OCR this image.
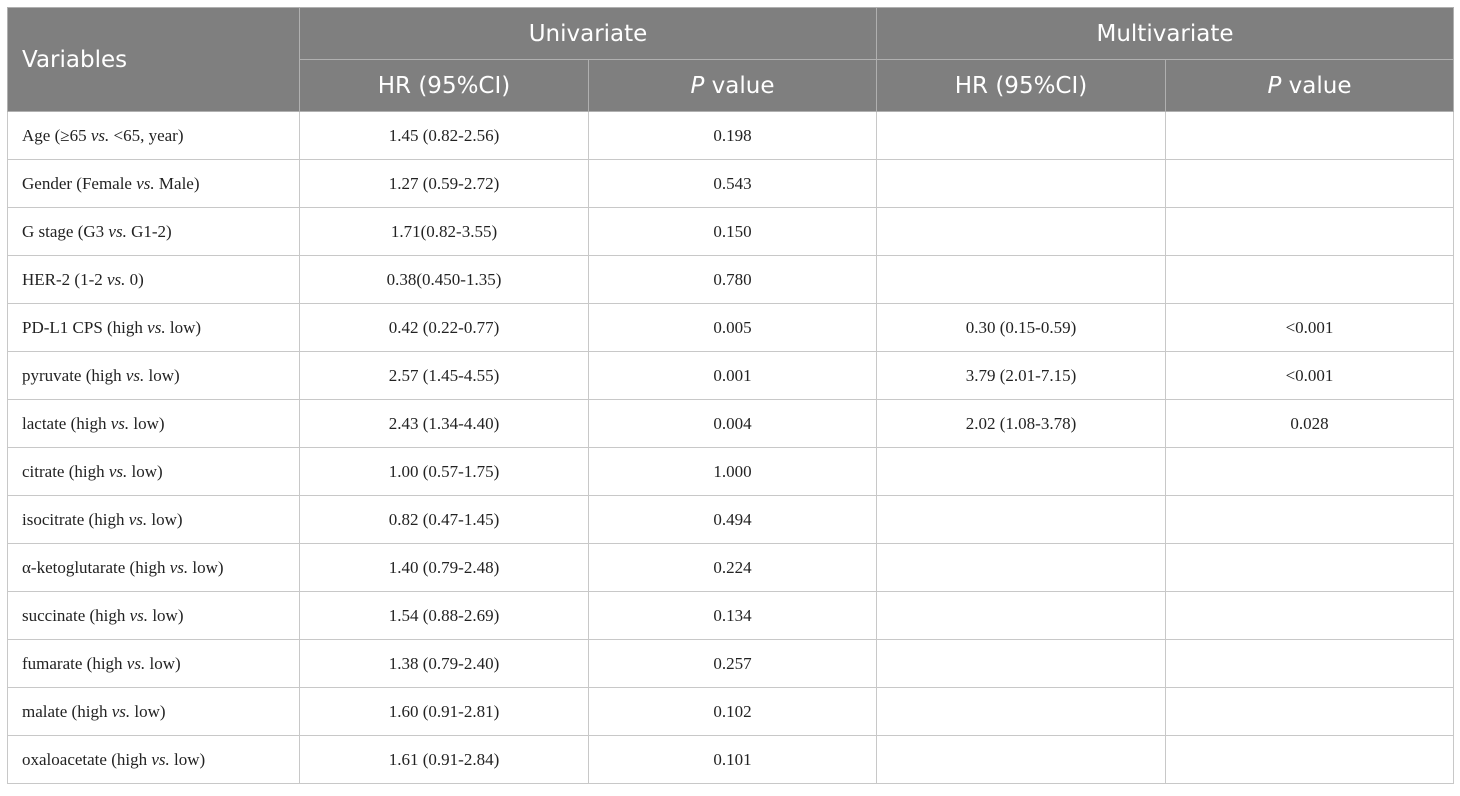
Variables	Univariate		Multivariate	
	HR (95%CI)	P value	HR (95%CI)	P value
Age (≥65 vs. <65, year)	1.45 (0.82-2.56)	0.198		
Gender (Female vs. Male)	1.27 (0.59-2.72)	0.543		
G stage (G3 vs. G1-2)	1.71(0.82-3.55)	0.150		
HER-2 (1-2 vs. 0)	0.38(0.450-1.35)	0.780		
PD-L1 CPS (high vs. low)	0.42 (0.22-0.77)	0.005	0.30 (0.15-0.59)	<0.001
pyruvate (high vs. low)	2.57 (1.45-4.55)	0.001	3.79 (2.01-7.15)	<0.001
lactate (high vs. low)	2.43 (1.34-4.40)	0.004	2.02 (1.08-3.78)	0.028
citrate (high vs. low)	1.00 (0.57-1.75)	1.000		
isocitrate (high vs. low)	0.82 (0.47-1.45)	0.494		
α-ketoglutarate (high vs. low)	1.40 (0.79-2.48)	0.224		
succinate (high vs. low)	1.54 (0.88-2.69)	0.134		
fumarate (high vs. low)	1.38 (0.79-2.40)	0.257		
malate (high vs. low)	1.60 (0.91-2.81)	0.102		
oxaloacetate (high vs. low)	1.61 (0.91-2.84)	0.101		
